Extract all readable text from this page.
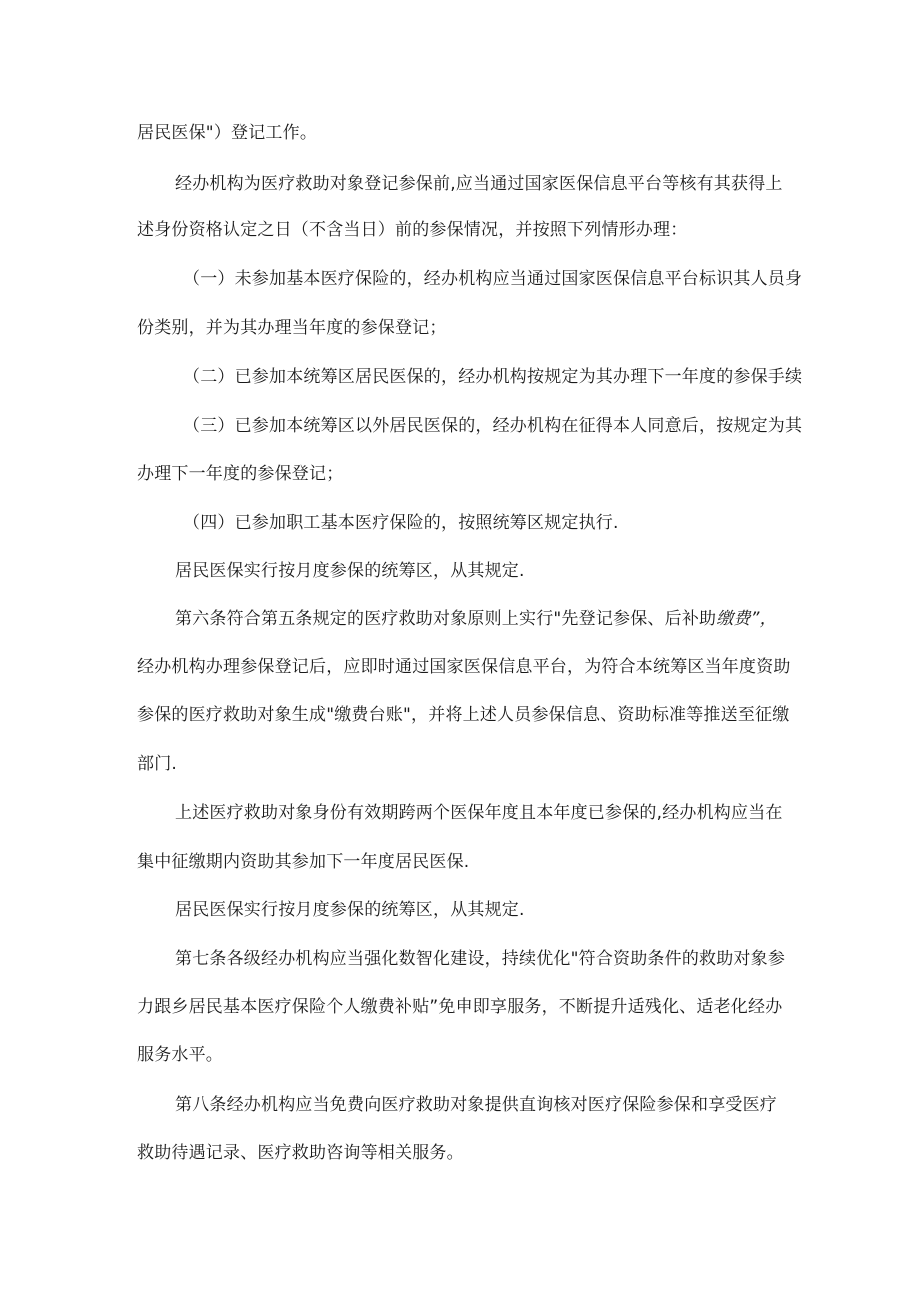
居民医保"）登记工作。
经办机构为医疗救助对象登记参保前,应当通过国家医保信息平台等核有其获得上
述身份资格认定之日（不含当日）前的参保情况，并按照下列情形办理：
（一）未参加基本医疗保险的，经办机构应当通过国家医保信息平台标识其人员身
份类别，并为其办理当年度的参保登记；
（二）已参加本统筹区居民医保的，经办机构按规定为其办理下一年度的参保手续
（三）已参加本统筹区以外居民医保的，经办机构在征得本人同意后，按规定为其
办理下一年度的参保登记；
（四）已参加职工基本医疗保险的，按照统筹区规定执行.
居民医保实行按月度参保的统筹区，从其规定.
第六条符合第五条规定的医疗救助对象原则上实行"先登记参保、后补助缴费”，
经办机构办理参保登记后，应即时通过国家医保信息平台，为符合本统筹区当年度资助
参保的医疗救助对象生成"缴费台账"，并将上述人员参保信息、资助标准等推送至征缴
部门.
上述医疗救助对象身份有效期跨两个医保年度且本年度已参保的,经办机构应当在
集中征缴期内资助其参加下一年度居民医保.
居民医保实行按月度参保的统筹区，从其规定.
第七条各级经办机构应当强化数智化建设，持续优化"符合资助条件的救助对象参
力跟乡居民基本医疗保险个人缴费补贴”免申即享服务，不断提升适残化、适老化经办
服务水平。
第八条经办机构应当免费向医疗救助对象提供直询核对医疗保险参保和享受医疗
救助待遇记录、医疗救助咨询等相关服务。
